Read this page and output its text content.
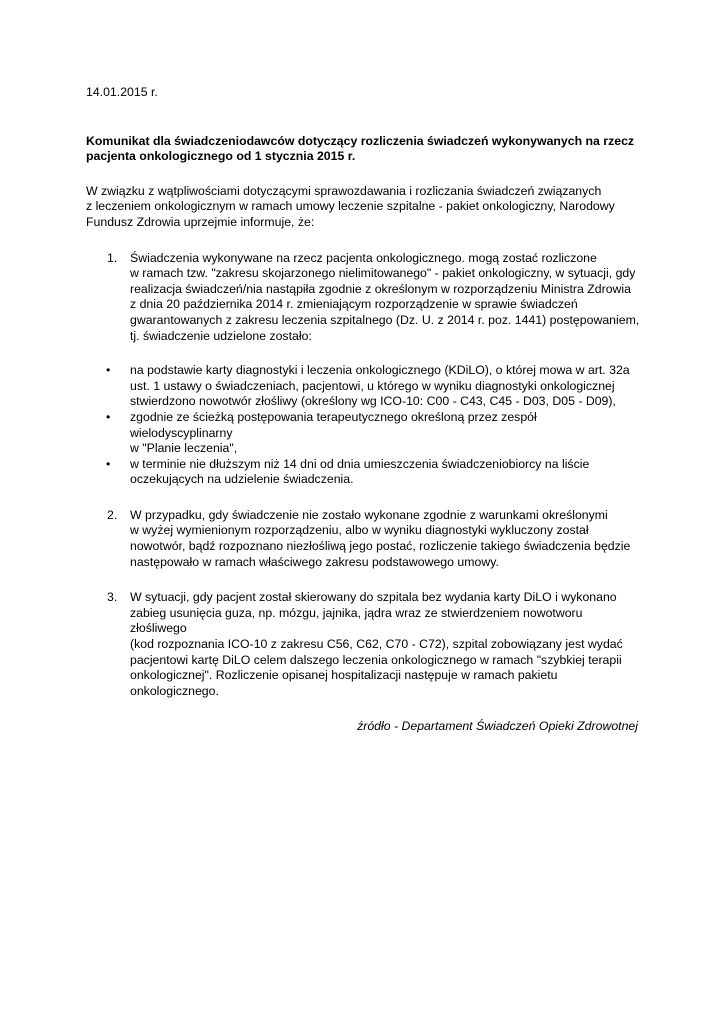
14.01.2015 r.

Komunikat dla świadczeniodawców dotyczący rozliczenia świadczeń wykonywanych na rzecz
pacjenta onkologicznego od 1 stycznia 2015 r.
W związku z wątpliwościami dotyczącymi sprawozdawania i rozliczania świadczeń związanych
z leczeniem onkologicznym w ramach umowy leczenie szpitalne - pakiet onkologiczny, Narodowy
Fundusz Zdrowia uprzejmie informuje, że:
1. Świadczenia wykonywane na rzecz pacjenta onkologicznego. mogą zostać rozliczone
w ramach tzw. "zakresu skojarzonego nielimitowanego" - pakiet onkologiczny, w sytuacji, gdy
realizacja świadczeń/nia nastąpiła zgodnie z określonym w rozporządzeniu Ministra Zdrowia
z dnia 20 października 2014 r. zmieniającym rozporządzenie w sprawie świadczeń
gwarantowanych z zakresu leczenia szpitalnego (Dz. U. z 2014 r. poz. 1441) postępowaniem,
tj. świadczenie udzielone zostało:
• na podstawie karty diagnostyki i leczenia onkologicznego (KDiLO), o której mowa w art. 32a
ust. 1 ustawy o świadczeniach, pacjentowi, u którego w wyniku diagnostyki onkologicznej
stwierdzono nowotwór złośliwy (określony wg ICO-10: C00 - C43, C45 - D03, D05 - D09),
• zgodnie ze ścieżką postępowania terapeutycznego określoną przez zespół wielodyscyplinarny
w "Planie leczenia",
• w terminie nie dłuższym niż 14 dni od dnia umieszczenia świadczeniobiorcy na liście
oczekujących na udzielenie świadczenia.
2. W przypadku, gdy świadczenie nie zostało wykonane zgodnie z warunkami określonymi
w wyżej wymienionym rozporządzeniu, albo w wyniku diagnostyki wykluczony został
nowotwór, bądź rozpoznano niezłośliwą jego postać, rozliczenie takiego świadczenia będzie
następowało w ramach właściwego zakresu podstawowego umowy.
3. W sytuacji, gdy pacjent został skierowany do szpitala bez wydania karty DiLO i wykonano
zabieg usunięcia guza, np. mózgu, jajnika, jądra wraz ze stwierdzeniem nowotworu złośliwego
(kod rozpoznania ICO-10 z zakresu C56, C62, C70 - C72), szpital zobowiązany jest wydać
pacjentowi kartę DiLO celem dalszego leczenia onkologicznego w ramach "szybkiej terapii
onkologicznej". Rozliczenie opisanej hospitalizacji następuje w ramach pakietu
onkologicznego.

źródło - Departament Świadczeń Opieki Zdrowotnej
